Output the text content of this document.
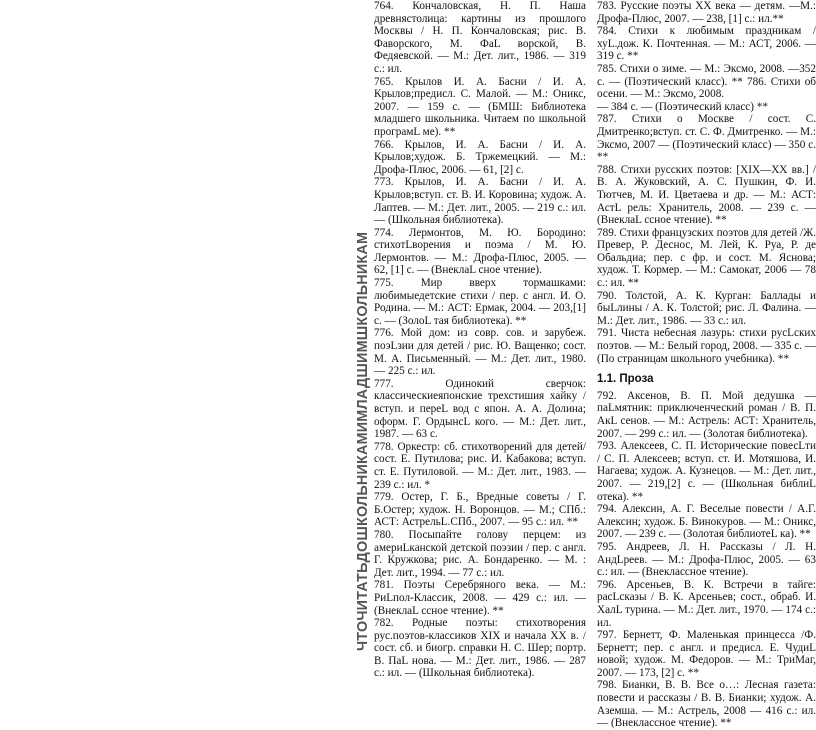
ЧТОЧИТАТЬДОШКОЛЬНИКАМИМЛАДШИМШКОЛЬНИКАМ

764. Кончаловская, Н. П. Наша древнястолица: картины из прошлого Москвы / Н. П. Кончаловская; рис. В. Фаворского, М. ФаL ворской, В. Федяевской. — М.: Дет. лит., 1986. — 319 с.: ил.

765. Крылов И. А. Басни / И. А. Крылов;предисл. С. Малой. — М.: Оникс, 2007. — 159 с. — (БМШ: Библиотека младшего школьника. Читаем по школьной програмL ме). **

766. Крылов, И. А. Басни / И. А. Крылов;худож. Б. Тржемецкий. — М.: Дрофа-Плюс, 2006. — 61, [2] с.

773. Крылов, И. А. Басни / И. А. Крылов;вступ. ст. В. И. Коровина; худож. А. Лаптев. — М.: Дет. лит., 2005. — 219 с.: ил. — (Школьная библиотека).

774. Лермонтов, М. Ю. Бородино: стихотLворения и поэма / М. Ю. Лермонтов. — М.: Дрофа-Плюс, 2005. — 62, [1] с. — (ВнеклаL сное чтение).

775. Мир вверх тормашками: любимыедетские стихи / пер. с англ. И. О. Родина. — М.: АСТ: Ермак, 2004. — 203,[1] с. — (ЗолоL тая библиотека). **

776. Мой дом: из совр. сов. и зарубеж. поэLзии для детей / рис. Ю. Ващенко; сост. М. А. Письменный. — М.: Дет. лит., 1980. — 225 с.: ил.

777. Одинокий сверчок: классическиеяпонские трехстишия хайку / вступ. и переL вод с япон. А. А. Долина; оформ. Г. ОрдынсL кого. — М.: Дет. лит., 1987. — 63 с.

778. Оркестр: сб. стихотворений для детей/ сост. Е. Путилова; рис. И. Кабакова; вступ. ст. Е. Путиловой. — М.: Дет. лит., 1983. — 239 с.: ил. *

779. Остер, Г. Б., Вредные советы / Г. Б.Остер; худож. Н. Воронцов. — М.; СПб.: АСТ: АстрельL.СПб., 2007. — 95 с.: ил. **

780. Посыпайте голову перцем: из америLканской детской поэзии / пер. с англ. Г. Кружкова; рис. А. Бондаренко. — М. : Дет. лит., 1994. — 77 с.: ил.

781. Поэты Серебряного века. — М.: РиLпол-Классик, 2008. — 429 с.: ил. — (ВнеклаL ссное чтение). **

782. Родные поэты: стихотворения рус.поэтов-классиков XIX и начала XX в. / сост. сб. и биогр. справки Н. С. Шер; портр. В. ПаL нова. — М.: Дет. лит., 1986. — 287 с.: ил. — (Школьная библиотека).

783. Русские поэты XX века — детям. —М.: Дрофа-Плюс, 2007. — 238, [1] с.: ил.**

784. Стихи к любимым праздникам / хуL.дож. К. Почтенная. — М.: АСТ, 2006. — 319 с. **

785. Стихи о зиме. — М.: Эксмо, 2008. —352 с. — (Поэтический класс). ** 786. Стихи об осени. — М.: Эксмо, 2008.

— 384 с. — (Поэтический класс) **

787. Стихи о Москве / сост. С. Дмитренко;вступ. ст. С. Ф. Дмитренко. — М.: Эксмо, 2007 — (Поэтический класс) — 350 с. **

788. Стихи русских поэтов: [XIX—XX вв.] / В. А. Жуковский, А. С. Пушкин, Ф. И. Тютчев, М. И. Цветаева и др. — М.: АСТ: АстL рель: Хранитель, 2008. — 239 с. — (ВнеклаL ссное чтение). **

789. Стихи французских поэтов для детей /Ж. Превер, Р. Деснос, М. Лей, К. Руа, Р. де Обальдиа; пер. с фр. и сост. М. Яснова; худож. Т. Кормер. — М.: Самокат, 2006 — 78 с.: ил. **

790. Толстой, А. К. Курган: Баллады и быLлины / А. К. Толстой; рис. Л. Фалина. — М.: Дет. лит., 1986. — 33 с.: ил.

791. Чиста небесная лазурь: стихи русLских поэтов. — М.: Белый город, 2008. — 335 с. — (По страницам школьного учебника). **

1.1. Проза

792. Аксенов, В. П. Мой дедушка — паLмятник: приключенческий роман / В. П. АкL сенов. — М.: Астрель: АСТ: Хранитель, 2007. — 299 с.: ил. — (Золотая библиотека).

793. Алексеев, С. П. Исторические повесLти / С. П. Алексеев; вступ. ст. И. Мотяшова, И. Нагаева; худож. А. Кузнецов. — М.: Дет. лит., 2007. — 219,[2] с. — (Школьная библиL отека). **

794. Алексин, А. Г. Веселые повести / А.Г. Алексин; худож. Б. Винокуров. — М.: Оникс, 2007. — 239 с. — (Золотая библиотеL ка). **

795. Андреев, Л. Н. Рассказы / Л. Н. АндLреев. — М.: Дрофа-Плюс, 2005. — 63 с.: ил. — (Внеклассное чтение).

796. Арсеньев, В. К. Встречи в тайге: расLсказы / В. К. Арсеньев; сост., обраб. И. ХалL турина. — М.: Дет. лит., 1970. — 174 с.: ил.

797. Бернетт, Ф. Маленькая принцесса /Ф. Бернетт; пер. с англ. и предисл. Е. ЧудиL новой; худож. М. Федоров. — М.: ТриМаг, 2007. — 173, [2] с. **

798. Бианки, В. В. Все о…: Лесная газета: повести и рассказы / В. В. Бианки; худож. А. Аземша. — М.: Астрель, 2008 — 416 с.: ил. — (Внеклассное чтение). **
